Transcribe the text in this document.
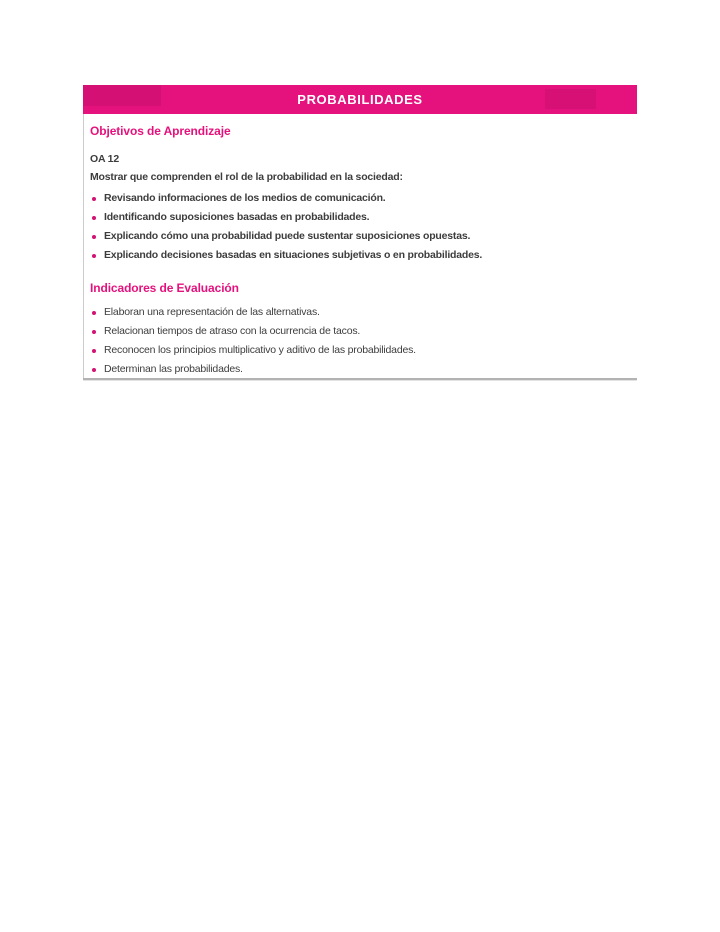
PROBABILIDADES
Objetivos de Aprendizaje

OA 12

Mostrar que comprenden el rol de la probabilidad en la sociedad:

Revisando informaciones de los medios de comunicación.
Identificando suposiciones basadas en probabilidades.
Explicando cómo una probabilidad puede sustentar suposiciones opuestas.
Explicando decisiones basadas en situaciones subjetivas o en probabilidades.
Indicadores de Evaluación
Elaboran una representación de las alternativas.
Relacionan tiempos de atraso con la ocurrencia de tacos.
Reconocen los principios multiplicativo y aditivo de las probabilidades.
Determinan las probabilidades.
